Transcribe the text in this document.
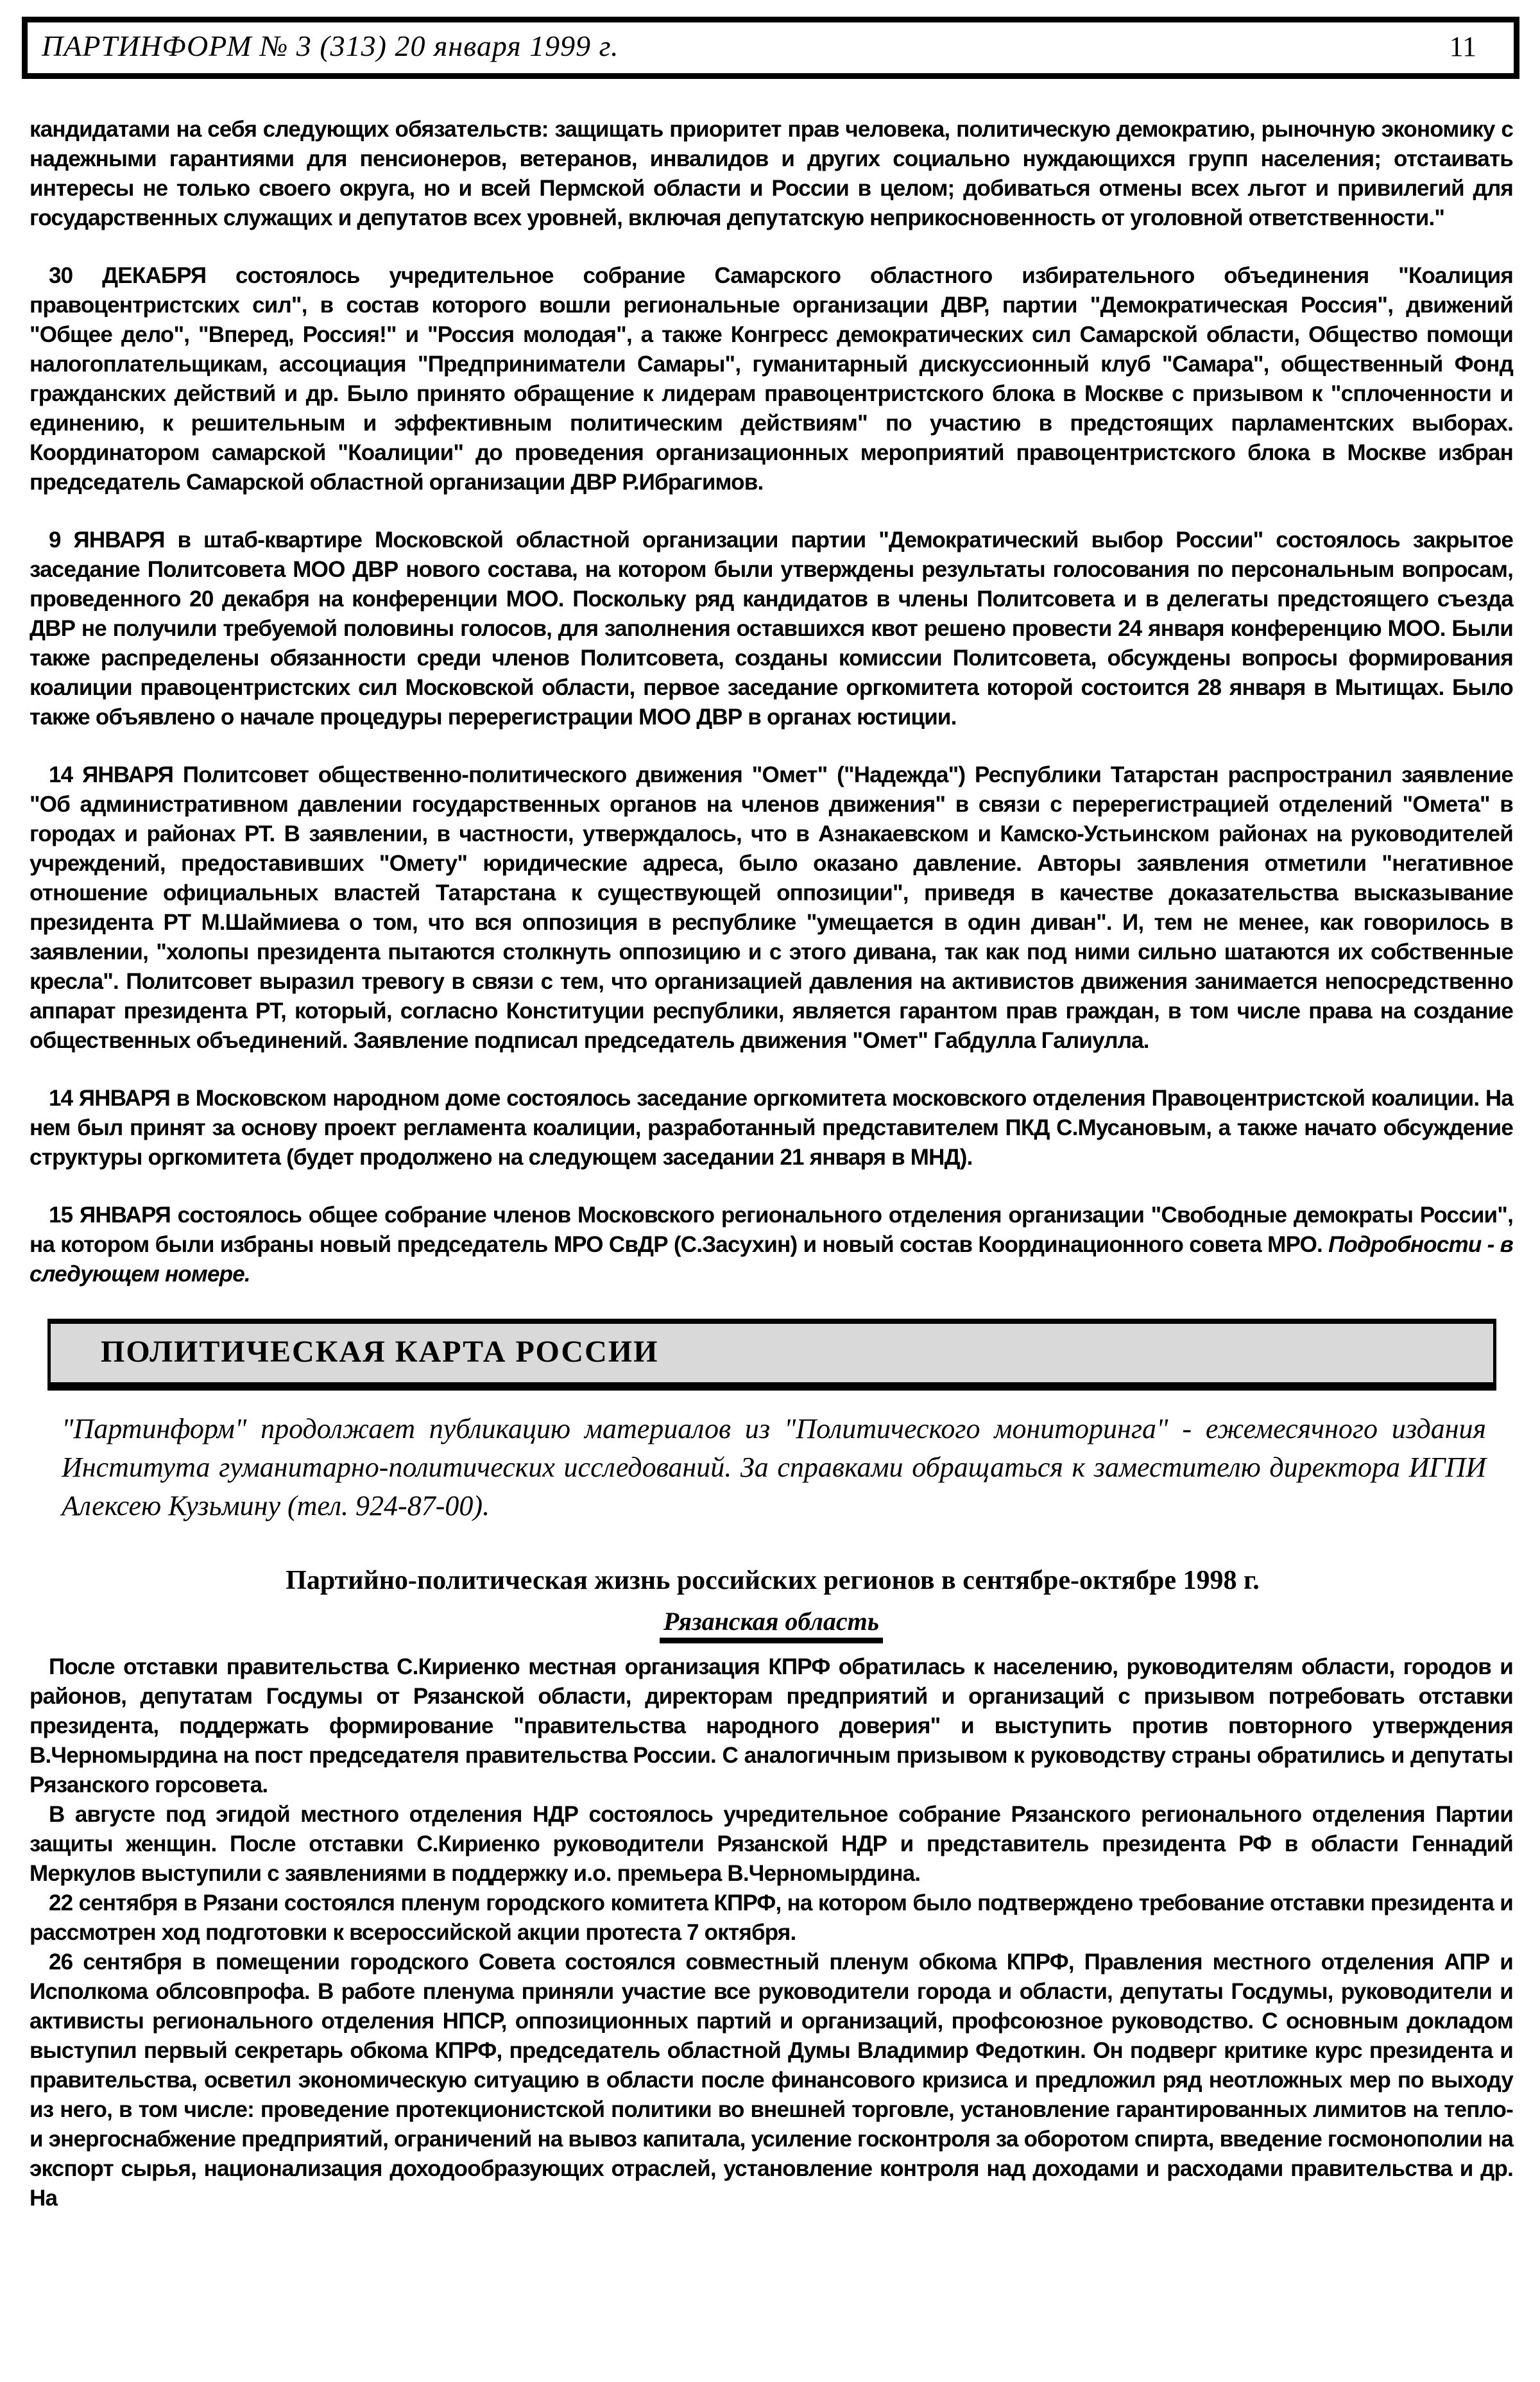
ПАРТИНФОРМ № 3 (313) 20 января 1999 г.	11

кандидатами на себя следующих обязательств: защищать приоритет прав человека, политическую демократию, рыночную экономику с надежными гарантиями для пенсионеров, ветеранов, инвалидов и других социально нуждающихся групп населения; отстаивать интересы не только своего округа, но и всей Пермской области и России в целом; добиваться отмены всех льгот и привилегий для государственных служащих и депутатов всех уровней, включая депутатскую неприкосновенность от уголовной ответственности."

30 ДЕКАБРЯ состоялось учредительное собрание Самарского областного избирательного объединения "Коалиция правоцентристских сил", в состав которого вошли региональные организации ДВР, партии "Демократическая Россия", движений "Общее дело", "Вперед, Россия!" и "Россия молодая", а также Конгресс демократических сил Самарской области, Общество помощи налогоплательщикам, ассоциация "Предприниматели Самары", гуманитарный дискуссионный клуб "Самара", общественный Фонд гражданских действий и др. Было принято обращение к лидерам правоцентристского блока в Москве с призывом к "сплоченности и единению, к решительным и эффективным политическим действиям" по участию в предстоящих парламентских выборах. Координатором самарской "Коалиции" до проведения организационных мероприятий правоцентристского блока в Москве избран председатель Самарской областной организации ДВР Р.Ибрагимов.

9 ЯНВАРЯ в штаб-квартире Московской областной организации партии "Демократический выбор России" состоялось закрытое заседание Политсовета МОО ДВР нового состава, на котором были утверждены результаты голосования по персональным вопросам, проведенного 20 декабря на конференции МОО. Поскольку ряд кандидатов в члены Политсовета и в делегаты предстоящего съезда ДВР не получили требуемой половины голосов, для заполнения оставшихся квот решено провести 24 января конференцию МОО. Были также распределены обязанности среди членов Политсовета, созданы комиссии Политсовета, обсуждены вопросы формирования коалиции правоцентристских сил Московской области, первое заседание оргкомитета которой состоится 28 января в Мытищах. Было также объявлено о начале процедуры перерегистрации МОО ДВР в органах юстиции.

14 ЯНВАРЯ Политсовет общественно-политического движения "Омет" ("Надежда") Республики Татарстан распространил заявление "Об административном давлении государственных органов на членов движения" в связи с перерегистрацией отделений "Омета" в городах и районах РТ. В заявлении, в частности, утверждалось, что в Азнакаевском и Камско-Устьинском районах на руководителей учреждений, предоставивших "Омету" юридические адреса, было оказано давление. Авторы заявления отметили "негативное отношение официальных властей Татарстана к существующей оппозиции", приведя в качестве доказательства высказывание президента РТ М.Шаймиева о том, что вся оппозиция в республике "умещается в один диван". И, тем не менее, как говорилось в заявлении, "холопы президента пытаются столкнуть оппозицию и с этого дивана, так как под ними сильно шатаются их собственные кресла". Политсовет выразил тревогу в связи с тем, что организацией давления на активистов движения занимается непосредственно аппарат президента РТ, который, согласно Конституции республики, является гарантом прав граждан, в том числе права на создание общественных объединений. Заявление подписал председатель движения "Омет" Габдулла Галиулла.

14 ЯНВАРЯ в Московском народном доме состоялось заседание оргкомитета московского отделения Правоцентристской коалиции. На нем был принят за основу проект регламента коалиции, разработанный представителем ПКД С.Мусановым, а также начато обсуждение структуры оргкомитета (будет продолжено на следующем заседании 21 января в МНД).

15 ЯНВАРЯ состоялось общее собрание членов Московского регионального отделения организации "Свободные демократы России", на котором были избраны новый председатель МРО СвДР (С.Засухин) и новый состав Координационного совета МРО. Подробности - в следующем номере.

ПОЛИТИЧЕСКАЯ КАРТА РОССИИ

"Партинформ" продолжает публикацию материалов из "Политического мониторинга" - ежемесячного издания Института гуманитарно-политических исследований. За справками обращаться к заместителю директора ИГПИ Алексею Кузьмину (тел. 924-87-00).

Партийно-политическая жизнь российских регионов в сентябре-октябре 1998 г.
Рязанская область

После отставки правительства С.Кириенко местная организация КПРФ обратилась к населению, руководителям области, городов и районов, депутатам Госдумы от Рязанской области, директорам предприятий и организаций с призывом потребовать отставки президента, поддержать формирование "правительства народного доверия" и выступить против повторного утверждения В.Черномырдина на пост председателя правительства России. С аналогичным призывом к руководству страны обратились и депутаты Рязанского горсовета.

В августе под эгидой местного отделения НДР состоялось учредительное собрание Рязанского регионального отделения Партии защиты женщин. После отставки С.Кириенко руководители Рязанской НДР и представитель президента РФ в области Геннадий Меркулов выступили с заявлениями в поддержку и.о. премьера В.Черномырдина.

22 сентября в Рязани состоялся пленум городского комитета КПРФ, на котором было подтверждено требование отставки президента и рассмотрен ход подготовки к всероссийской акции протеста 7 октября.

26 сентября в помещении городского Совета состоялся совместный пленум обкома КПРФ, Правления местного отделения АПР и Исполкома облсовпрофа. В работе пленума приняли участие все руководители города и области, депутаты Госдумы, руководители и активисты регионального отделения НПСР, оппозиционных партий и организаций, профсоюзное руководство. С основным докладом выступил первый секретарь обкома КПРФ, председатель областной Думы Владимир Федоткин. Он подверг критике курс президента и правительства, осветил экономическую ситуацию в области после финансового кризиса и предложил ряд неотложных мер по выходу из него, в том числе: проведение протекционистской политики во внешней торговле, установление гарантированных лимитов на тепло- и энергоснабжение предприятий, ограничений на вывоз капитала, усиление госконтроля за оборотом спирта, введение госмонополии на экспорт сырья, национализация доходообразующих отраслей, установление контроля над доходами и расходами правительства и др. На
